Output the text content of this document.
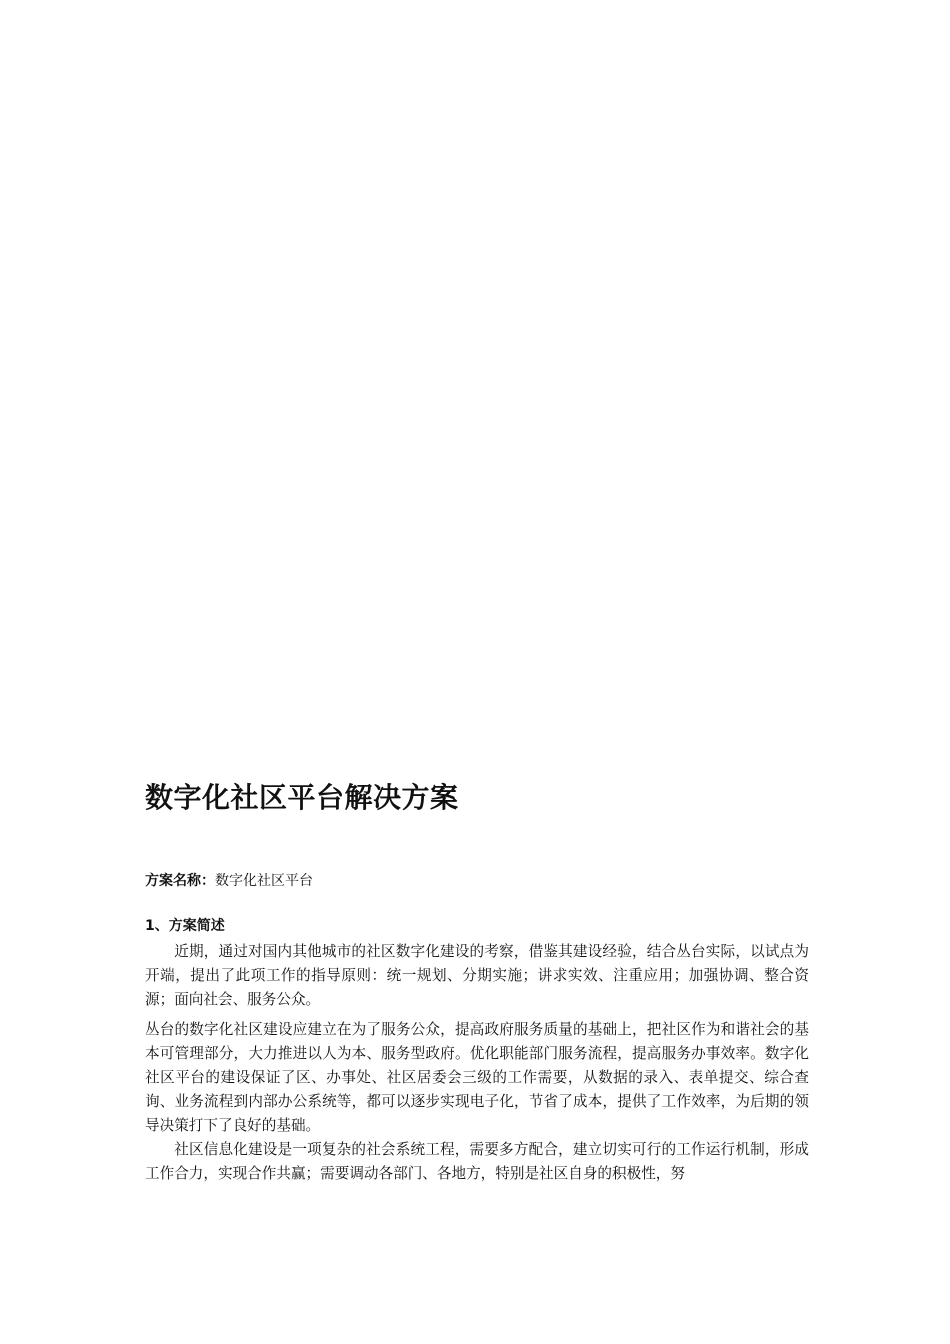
数字化社区平台解决方案
方案名称：数字化社区平台
1、方案简述

近期，通过对国内其他城市的社区数字化建设的考察，借鉴其建设经验，结合丛台实际，以试点为开端，提出了此项工作的指导原则：统一规划、分期实施；讲求实效、注重应用；加强协调、整合资源；面向社会、服务公众。

丛台的数字化社区建设应建立在为了服务公众，提高政府服务质量的基础上，把社区作为和谐社会的基本可管理部分，大力推进以人为本、服务型政府。优化职能部门服务流程，提高服务办事效率。数字化社区平台的建设保证了区、办事处、社区居委会三级的工作需要，从数据的录入、表单提交、综合查询、业务流程到内部办公系统等，都可以逐步实现电子化，节省了成本，提供了工作效率，为后期的领导决策打下了良好的基础。

社区信息化建设是一项复杂的社会系统工程，需要多方配合，建立切实可行的工作运行机制，形成工作合力，实现合作共赢；需要调动各部门、各地方，特别是社区自身的积极性，努
